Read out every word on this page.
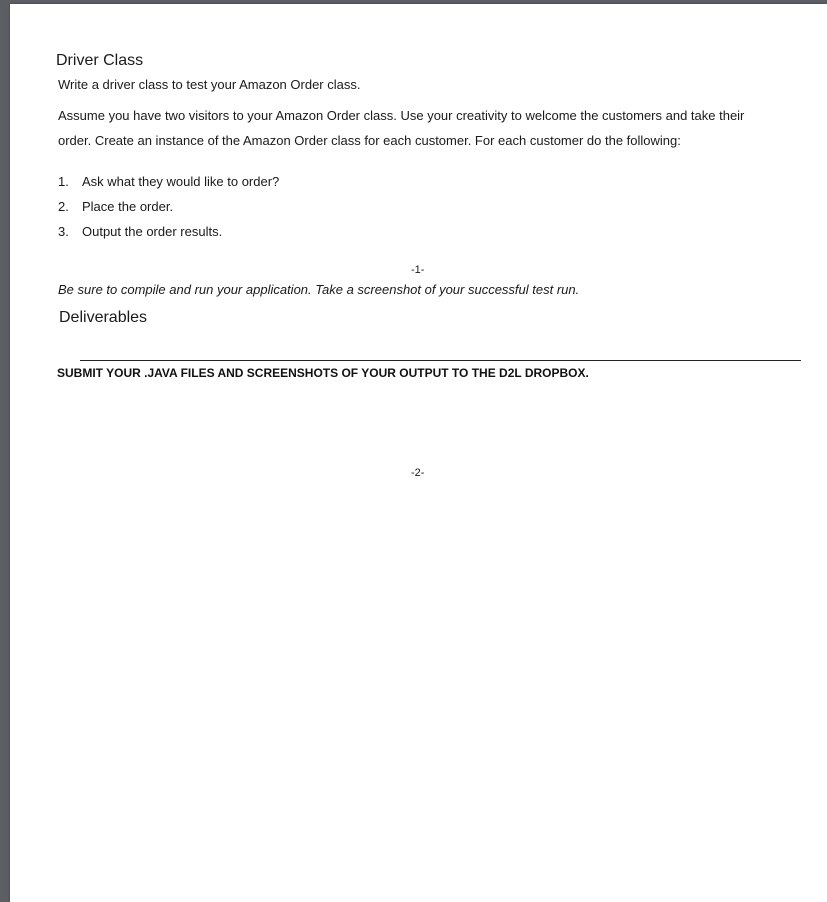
Driver Class
Write a driver class to test your Amazon Order class.
Assume you have two visitors to your Amazon Order class. Use your creativity to welcome the customers and take their
order. Create an instance of the Amazon Order class for each customer. For each customer do the following:
1.	Ask what they would like to order?
2.	Place the order.
3.	Output the order results.
-1-
Be sure to compile and run your application. Take a screenshot of your successful test run.
Deliverables
SUBMIT YOUR .JAVA FILES AND SCREENSHOTS OF YOUR OUTPUT TO THE D2L DROPBOX.
-2-
